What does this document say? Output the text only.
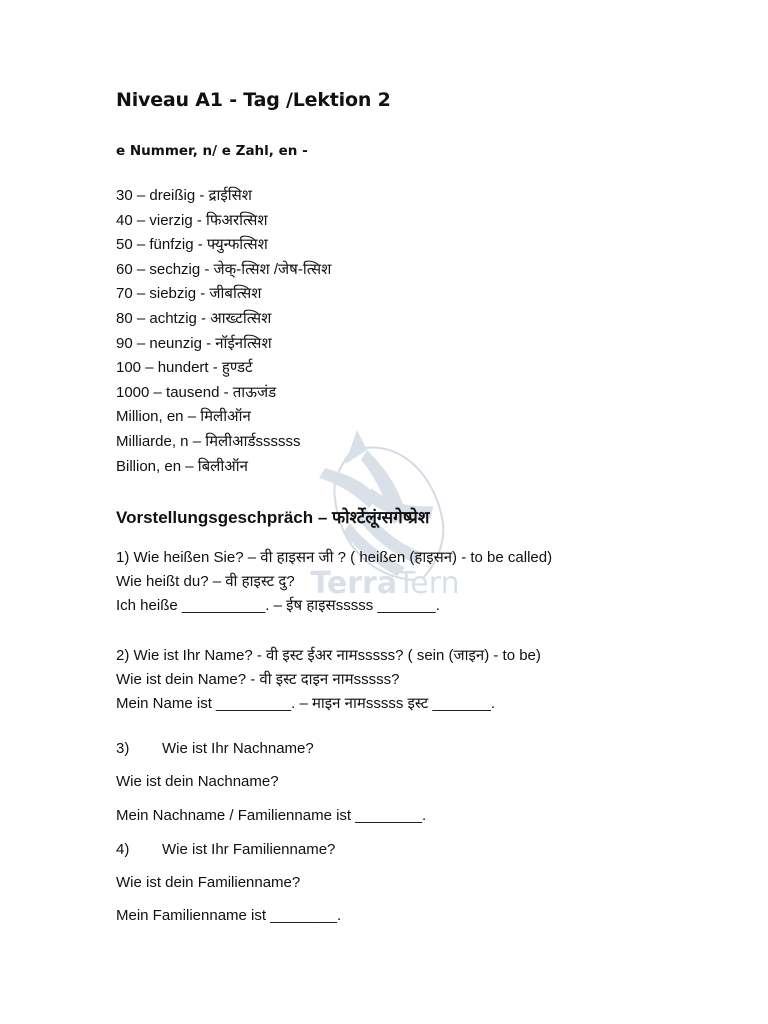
TerraTern
Niveau A1 - Tag /Lektion 2
e Nummer, n/ e Zahl, en -
30 – dreißig - द्राईसिश
40 – vierzig - फिअरत्सिश
50 – fünfzig - फ्युन्फत्सिश
60 – sechzig - जेक्-त्सिश /जेष-त्सिश
70 – siebzig - जीबत्सिश
80 – achtzig - आख्टत्सिश
90 – neunzig - नॉईनत्सिश
100 – hundert - हुण्डर्ट
1000 – tausend - ताऊजंड
Million, en – मिलीऑन
Milliarde, n – मिलीआर्डssssss
Billion, en – बिलीऑन
Vorstellungsgeschpräch – फोर्श्टेलूंग्सगेष्प्रेश
1) Wie heißen Sie? – वी हाइसन जी ? ( heißen (हाइसन) - to be called)
Wie heißt du? – वी हाइस्ट दु?
Ich heiße __________. – ईष हाइसsssss _______.
2) Wie ist Ihr Name? - वी इस्ट ईअर नामsssss? ( sein (जाइन) - to be)
Wie ist dein Name? - वी इस्ट दाइन नामsssss?
Mein Name ist _________. – माइन नामsssss इस्ट _______.
3) Wie ist Ihr Nachname?
Wie ist dein Nachname?
Mein Nachname / Familienname ist ________.
4) Wie ist Ihr Familienname?
Wie ist dein Familienname?
Mein Familienname ist ________.
